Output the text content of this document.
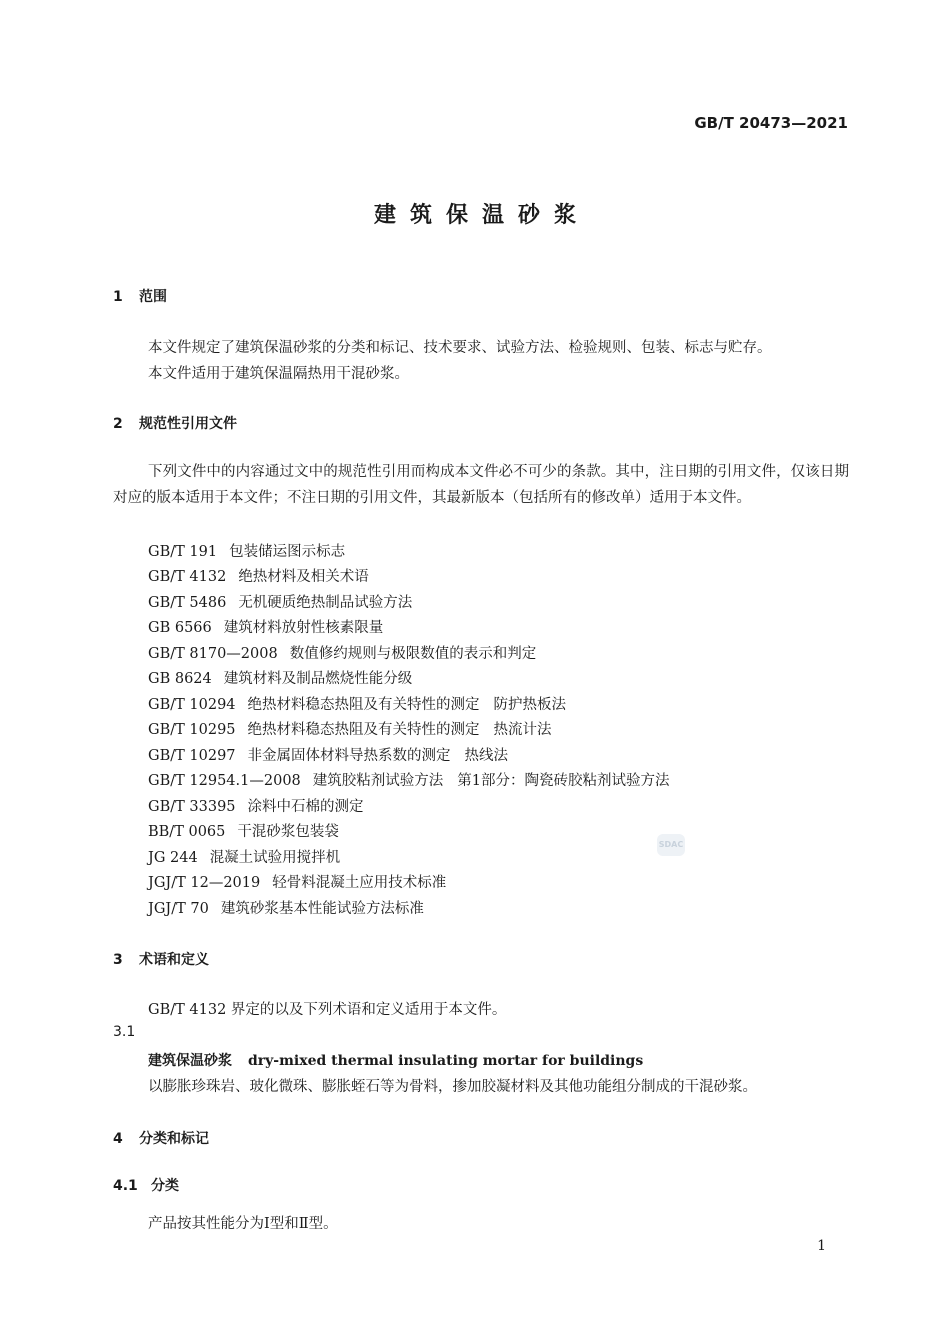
GB/T 20473—2021
建筑保温砂浆
1 范围
本文件规定了建筑保温砂浆的分类和标记、技术要求、试验方法、检验规则、包装、标志与贮存。
本文件适用于建筑保温隔热用干混砂浆。
2 规范性引用文件
下列文件中的内容通过文中的规范性引用而构成本文件必不可少的条款。其中，注日期的引用文件，仅该日期对应的版本适用于本文件；不注日期的引用文件，其最新版本（包括所有的修改单）适用于本文件。
GB/T 191 包装储运图示标志
GB/T 4132 绝热材料及相关术语
GB/T 5486 无机硬质绝热制品试验方法
GB 6566 建筑材料放射性核素限量
GB/T 8170—2008 数值修约规则与极限数值的表示和判定
GB 8624 建筑材料及制品燃烧性能分级
GB/T 10294 绝热材料稳态热阻及有关特性的测定 防护热板法
GB/T 10295 绝热材料稳态热阻及有关特性的测定 热流计法
GB/T 10297 非金属固体材料导热系数的测定 热线法
GB/T 12954.1—2008 建筑胶粘剂试验方法 第1部分：陶瓷砖胶粘剂试验方法
GB/T 33395 涂料中石棉的测定
BB/T 0065 干混砂浆包装袋
JG 244 混凝土试验用搅拌机
JGJ/T 12—2019 轻骨料混凝土应用技术标准
JGJ/T 70 建筑砂浆基本性能试验方法标准
SDAC
3 术语和定义
GB/T 4132 界定的以及下列术语和定义适用于本文件。
3.1
建筑保温砂浆 dry-mixed thermal insulating mortar for buildings
以膨胀珍珠岩、玻化微珠、膨胀蛭石等为骨料，掺加胶凝材料及其他功能组分制成的干混砂浆。
4 分类和标记
4.1 分类
产品按其性能分为Ⅰ型和Ⅱ型。
1
